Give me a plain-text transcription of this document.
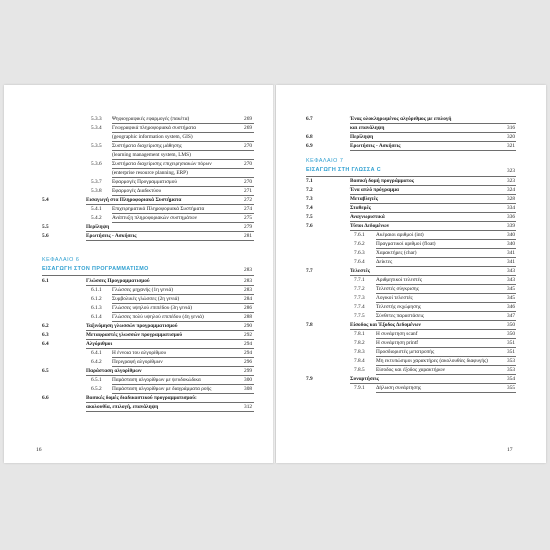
5.3.3 Ψηφιογραφικές εφαρμογές (πακέτα)	269
5.3.4 Γεωγραφικά πληροφοριακά συστήματα	269
(geographic information system, GIS)
5.3.5 Συστήματα διαχείρισης μάθησης	270
(learning management system, LMS)
5.3.6 Συστήματα διαχείρισης επιχειρησιακών πόρων	270
(enterprise resource planning, ERP)
5.3.7 Εφαρμογές Προγραμματισμού	270
5.3.8 Εφαρμογές Διαδικτύου	271
5.4	Εισαγωγή στα Πληροφοριακά Συστήματα	272
5.4.1 Επιχειρηματικά Πληροφοριακά Συστήματα	274
5.4.2 Ανάπτυξη πληροφοριακών συστημάτων	275
5.5	Περίληψη	279
5.6	Ερωτήσεις - Ασκήσεις	281
ΚΕΦΑΛΑΙΟ 6
ΕΙΣΑΓΩΓΗ ΣΤΟΝ ΠΡΟΓΡΑΜΜΑΤΙΣΜΟ	283
6.1	Γλώσσες Προγραμματισμού	283
6.1.1 Γλώσσες μηχανής (1η γενιά)	283
6.1.2 Συμβολικές γλώσσες (2η γενιά)	284
6.1.3 Γλώσσες υψηλού επιπέδου (3η γενιά)	286
6.1.4 Γλώσσες πολύ υψηλού επιπέδου (4η γενιά)	288
6.2	Ταξινόμηση γλωσσών προγραμματισμού	290
6.3	Μεταφραστές γλωσσών προγραμματισμού	292
6.4	Αλγόριθμοι	294
6.4.1 Η έννοια του αλγορίθμου	294
6.4.2 Περιγραφή αλγορίθμων	296
6.5	Παράσταση αλγορίθμων	299
6.5.1 Παράσταση αλγορίθμων με ψευδοκώδικα	300
6.5.2 Παράσταση αλγορίθμων με διαγράμματα ροής	308
6.6	Βασικές δομές διαδικαστικού προγραμματισμού:
ακολουθία, επιλογή, επανάληψη	312
16
6.7	Ένας ολοκληρωμένος αλγόριθμος με επιλογή
και επανάληψη	316
6.8	Περίληψη	320
6.9	Ερωτήσεις - Ασκήσεις	321
ΚΕΦΑΛΑΙΟ 7
ΕΙΣΑΓΩΓΗ ΣΤΗ ΓΛΩΣΣΑ C	323
7.1	Βασική δομή προγράμματος	323
7.2	Ένα απλό πρόγραμμα	324
7.3	Μεταβλητές	328
7.4	Σταθερές	334
7.5	Αναγνωριστικά	336
7.6	Τύποι Δεδομένων	339
7.6.1 Ακέραιοι αριθμοί (int)	340
7.6.2 Πραγματικοί αριθμοί (float)	340
7.6.3 Χαρακτήρες (char)	341
7.6.4 Δείκτες	341
7.7	Τελεστές	343
7.7.1 Αριθμητικοί τελεστές	343
7.7.2 Τελεστές σύγκρισης	345
7.7.3 Λογικοί τελεστές	345
7.7.4 Τελεστής εκχώρησης	346
7.7.5 Σύνθετες παραστάσεις	347
7.8	Είσοδος και Έξοδος Δεδομένων	350
7.8.1 Η συνάρτηση scanf	350
7.8.2 Η συνάρτηση printf	351
7.8.3 Προσδιοριστές μετατροπής	351
7.8.4 Μη εκτυπώσιμοι χαρακτήρες (ακολουθίες διαφυγής)	353
7.8.5 Είσοδος και έξοδος χαρακτήρων	353
7.9	Συναρτήσεις	354
7.9.1 Δήλωση συνάρτησης	355
17
